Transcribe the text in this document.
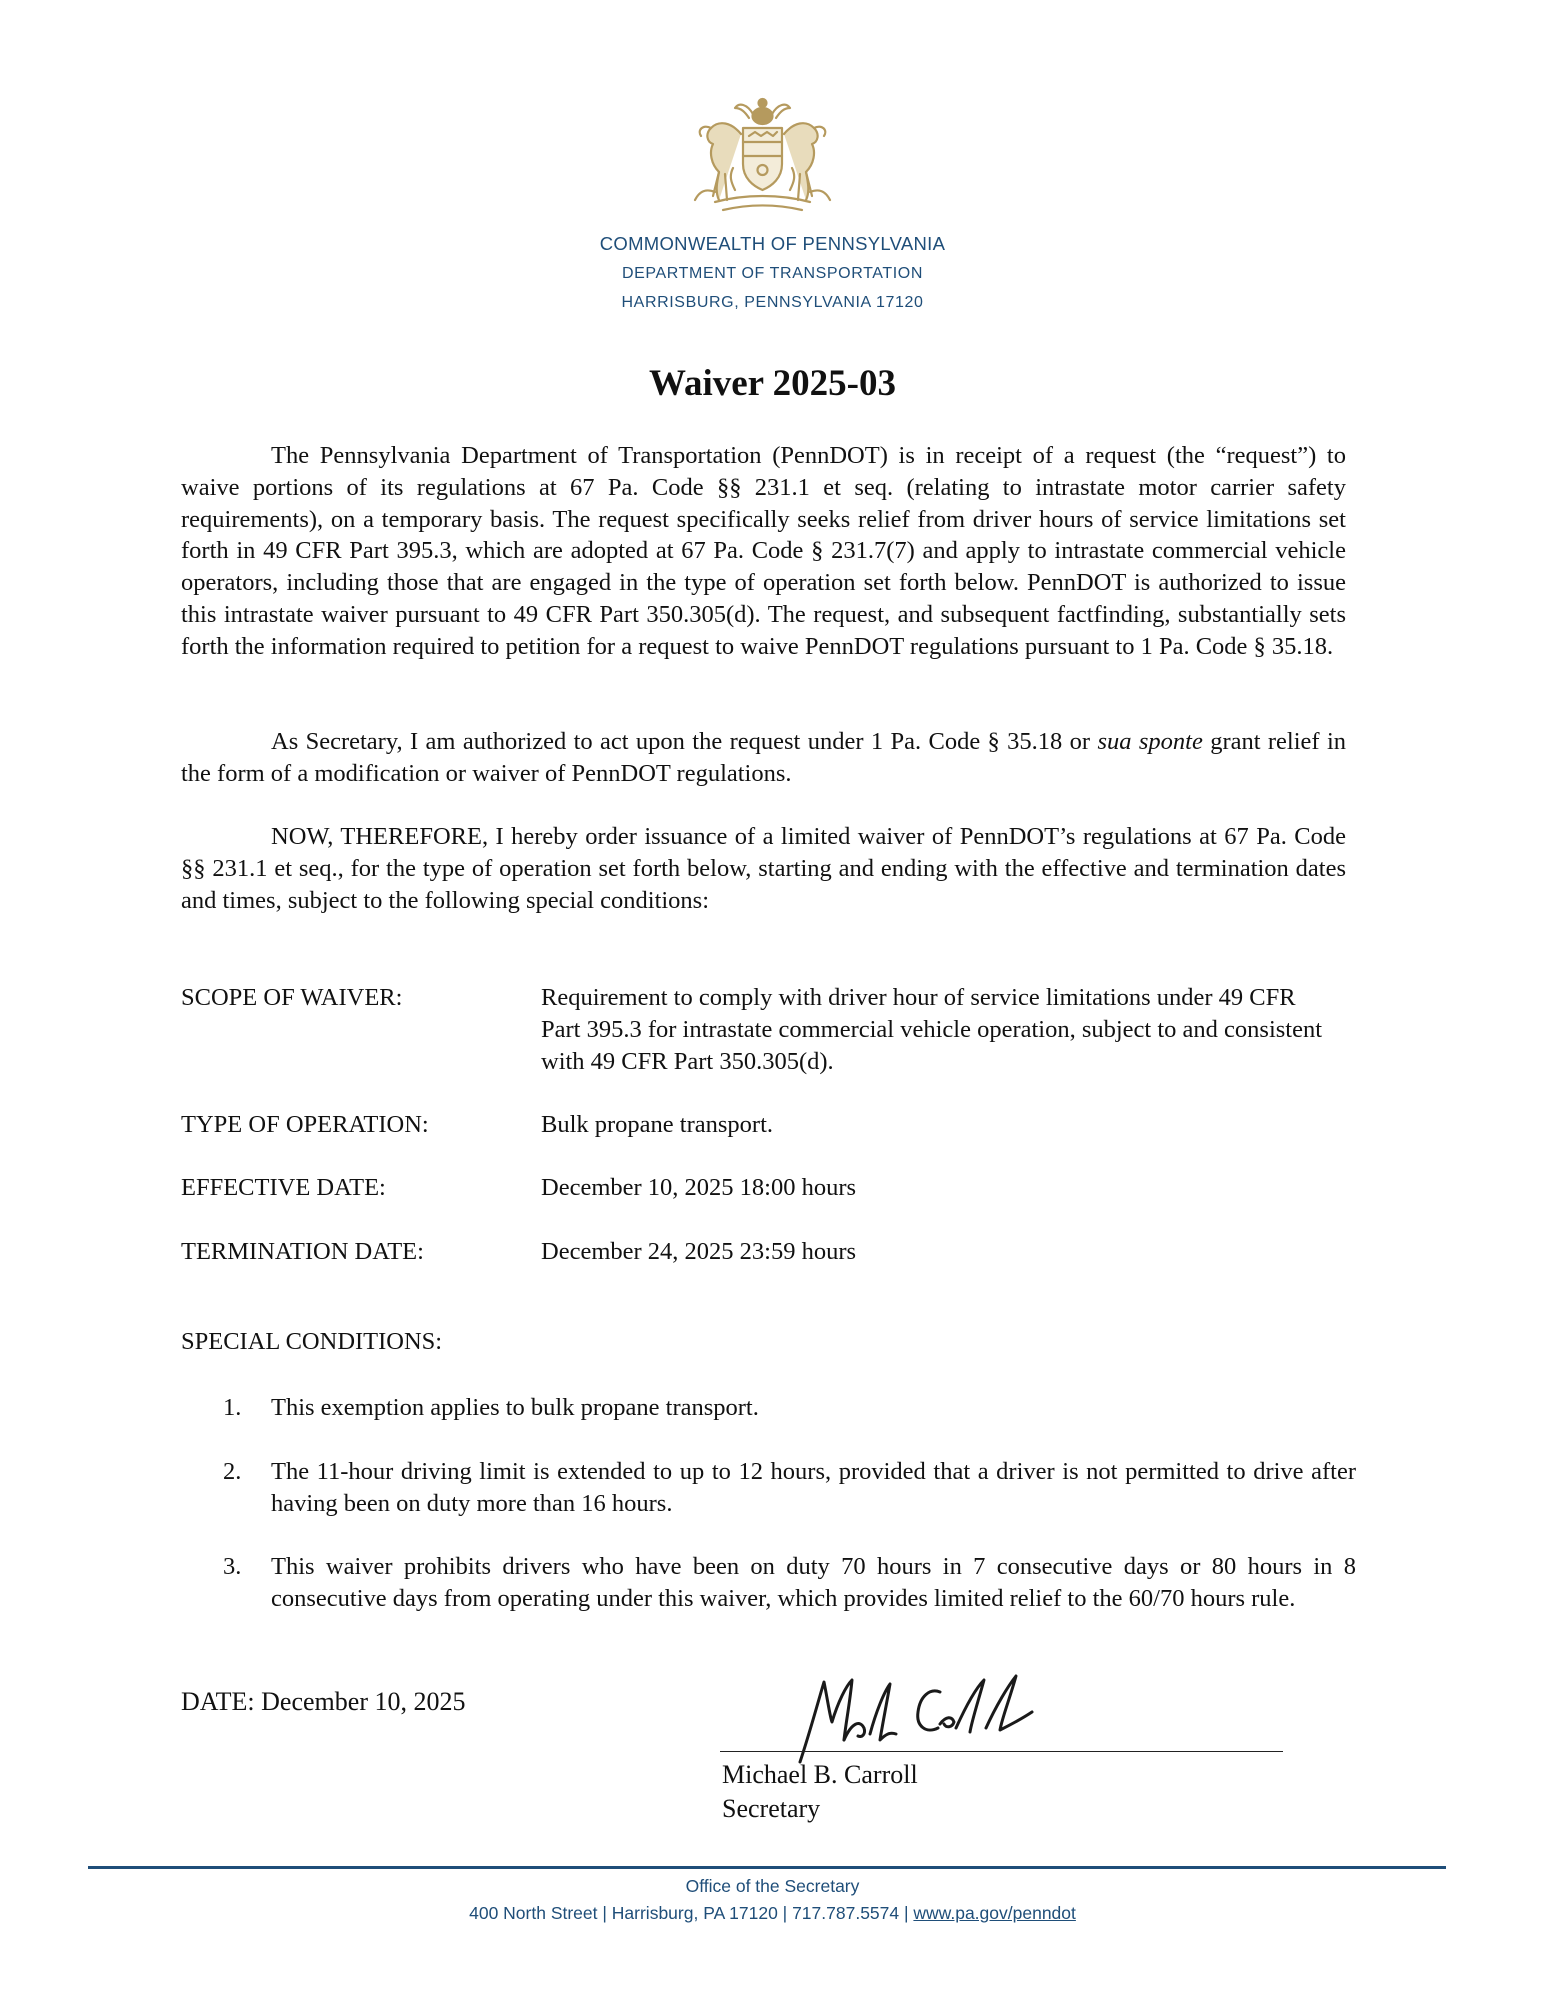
COMMONWEALTH OF PENNSYLVANIA
DEPARTMENT OF TRANSPORTATION
HARRISBURG, PENNSYLVANIA 17120
Waiver 2025-03

The Pennsylvania Department of Transportation (PennDOT) is in receipt of a request (the “request”) to waive portions of its regulations at 67 Pa. Code §§ 231.1 et seq. (relating to intrastate motor carrier safety requirements), on a temporary basis. The request specifically seeks relief from driver hours of service limitations set forth in 49 CFR Part 395.3, which are adopted at 67 Pa. Code § 231.7(7) and apply to intrastate commercial vehicle operators, including those that are engaged in the type of operation set forth below. PennDOT is authorized to issue this intrastate waiver pursuant to 49 CFR Part 350.305(d). The request, and subsequent factfinding, substantially sets forth the information required to petition for a request to waive PennDOT regulations pursuant to 1 Pa. Code § 35.18.

As Secretary, I am authorized to act upon the request under 1 Pa. Code § 35.18 or sua sponte grant relief in the form of a modification or waiver of PennDOT regulations.

NOW, THEREFORE, I hereby order issuance of a limited waiver of PennDOT’s regulations at 67 Pa. Code §§ 231.1 et seq., for the type of operation set forth below, starting and ending with the effective and termination dates and times, subject to the following special conditions:

SCOPE OF WAIVER:	Requirement to comply with driver hour of service limitations under 49 CFR Part 395.3 for intrastate commercial vehicle operation, subject to and consistent with 49 CFR Part 350.305(d).
TYPE OF OPERATION:	Bulk propane transport.
EFFECTIVE DATE:	December 10, 2025 18:00 hours
TERMINATION DATE:	December 24, 2025 23:59 hours
SPECIAL CONDITIONS:
1.	This exemption applies to bulk propane transport.
2.	The 11-hour driving limit is extended to up to 12 hours, provided that a driver is not permitted to drive after having been on duty more than 16 hours.
3.	This waiver prohibits drivers who have been on duty 70 hours in 7 consecutive days or 80 hours in 8 consecutive days from operating under this waiver, which provides limited relief to the 60/70 hours rule.
DATE: December 10, 2025
Michael B. Carroll
Secretary
Office of the Secretary
400 North Street | Harrisburg, PA 17120 | 717.787.5574 | www.pa.gov/penndot
